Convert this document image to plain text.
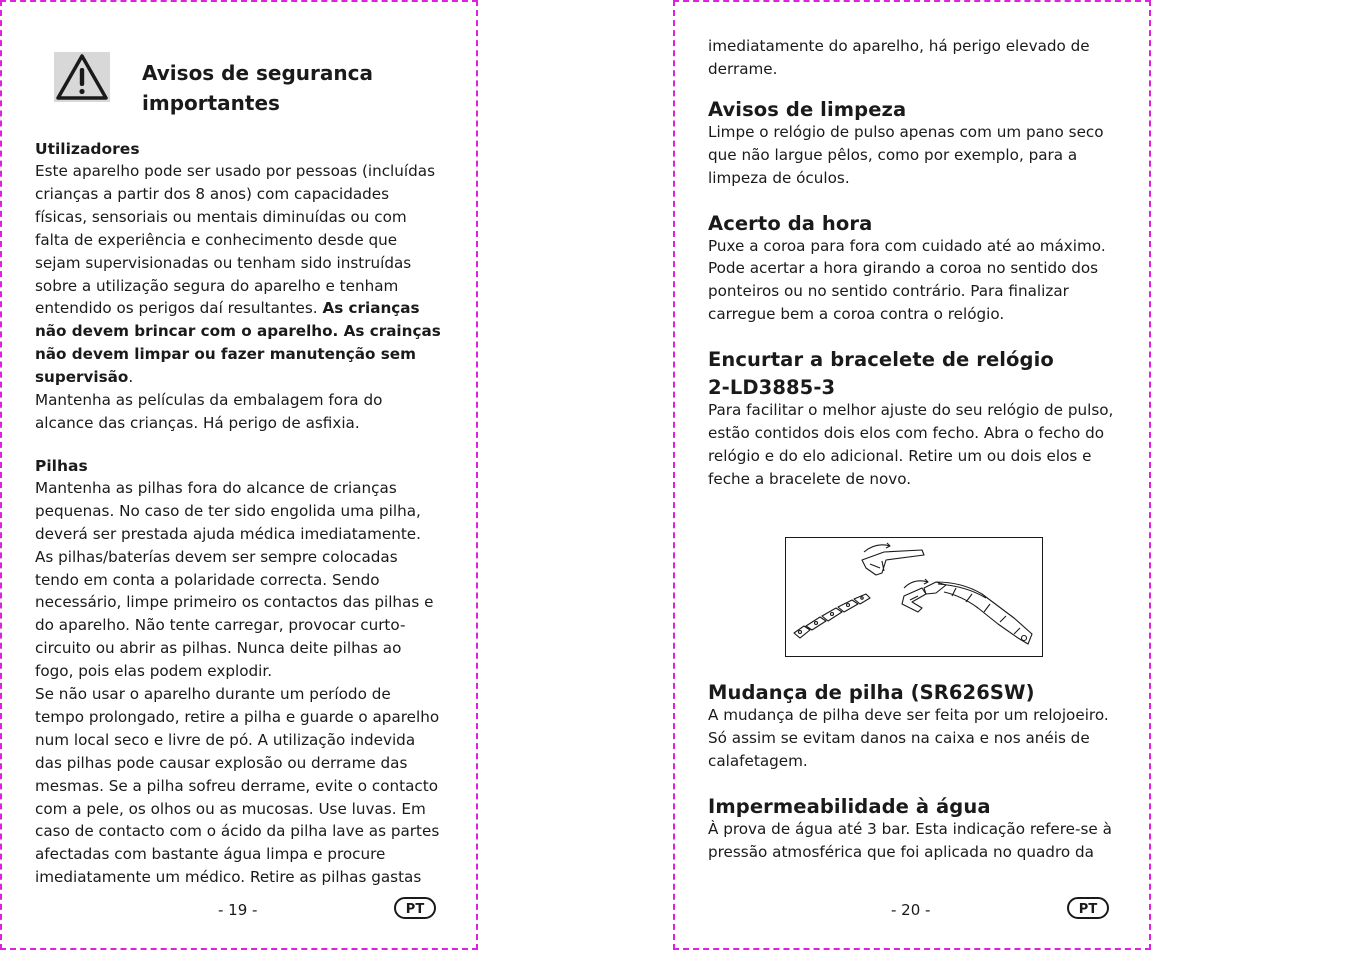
Avisos de seguranca
importantes

Utilizadores

Este aparelho pode ser usado por pessoas (incluídas crianças a partir dos 8 anos) com capacidades físicas, sensoriais ou mentais diminuídas ou com falta de experiência e conhecimento desde que sejam supervisionadas ou tenham sido instruídas sobre a utilização segura do aparelho e tenham entendido os perigos daí resultantes. As crianças não devem brincar com o aparelho. As crainças não devem limpar ou fazer manutenção sem supervisão.

Mantenha as películas da embalagem fora do alcance das crianças. Há perigo de asfixia.

Pilhas

Mantenha as pilhas fora do alcance de crianças pequenas. No caso de ter sido engolida uma pilha, deverá ser prestada ajuda médica imediatamente.

As pilhas/baterías devem ser sempre colocadas tendo em conta a polaridade correcta. Sendo necessário, limpe primeiro os contactos das pilhas e do aparelho. Não tente carregar, provocar curto-circuito ou abrir as pilhas. Nunca deite pilhas ao fogo, pois elas podem explodir.

Se não usar o aparelho durante um período de tempo prolongado, retire a pilha e guarde o aparelho num local seco e livre de pó. A utilização indevida das pilhas pode causar explosão ou derrame das mesmas. Se a pilha sofreu derrame, evite o contacto com a pele, os olhos ou as mucosas. Use luvas. Em caso de contacto com o ácido da pilha lave as partes afectadas com bastante água limpa e procure imediatamente um médico. Retire as pilhas gastas

- 19 -	PT

imediatamente do aparelho, há perigo elevado de derrame.

Avisos de limpeza

Limpe o relógio de pulso apenas com um pano seco que não largue pêlos, como por exemplo, para a limpeza de óculos.

Acerto da hora

Puxe a coroa para fora com cuidado até ao máximo. Pode acertar a hora girando a coroa no sentido dos ponteiros ou no sentido contrário. Para finalizar carregue bem a coroa contra o relógio.

Encurtar a bracelete de relógio

2-LD3885-3

Para facilitar o melhor ajuste do seu relógio de pulso, estão contidos dois elos com fecho. Abra o fecho do relógio e do elo adicional. Retire um ou dois elos e feche a bracelete de novo.

Mudança de pilha (SR626SW)

A mudança de pilha deve ser feita por um relojoeiro. Só assim se evitam danos na caixa e nos anéis de calafetagem.

Impermeabilidade à água

À prova de água até 3 bar. Esta indicação refere-se à pressão atmosférica que foi aplicada no quadro da

- 20 -	PT
